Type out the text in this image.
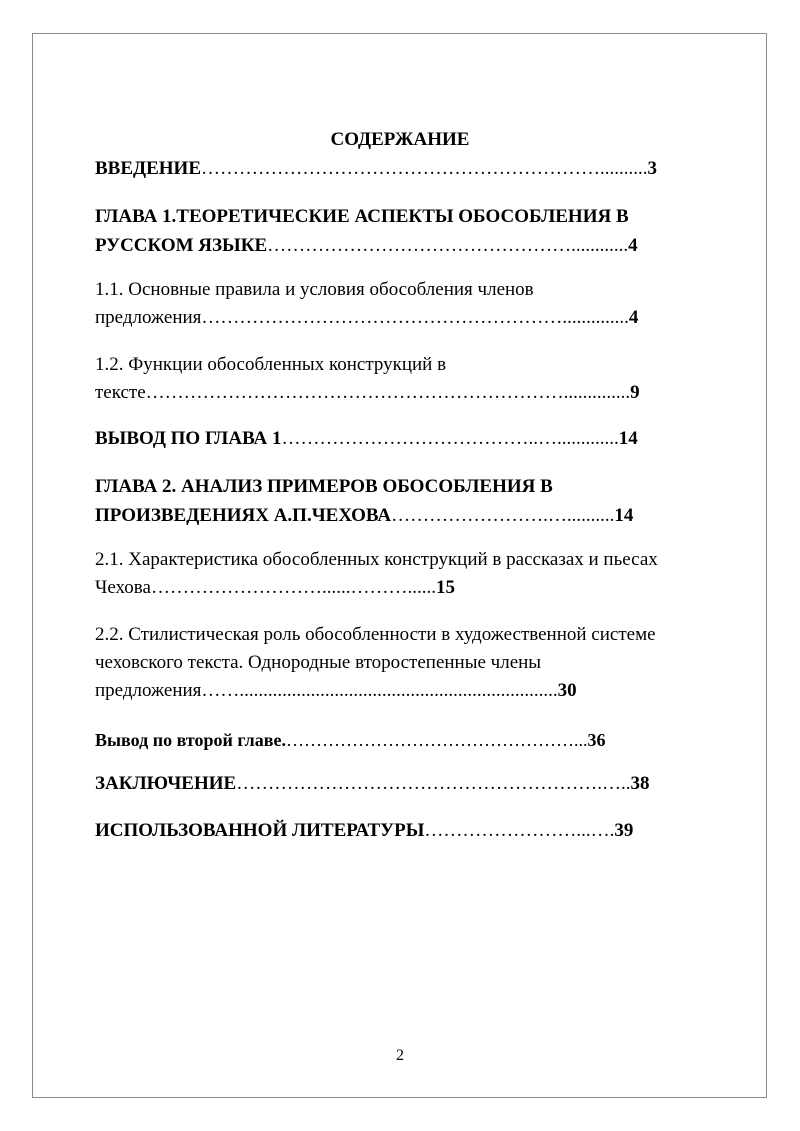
СОДЕРЖАНИЕ
ВВЕДЕНИЕ………………………………………………………..........3
ГЛАВА 1.ТЕОРЕТИЧЕСКИЕ АСПЕКТЫ ОБОСОБЛЕНИЯ В РУССКОМ ЯЗЫКЕ…………………………………………............4
1.1. Основные правила и условия обособления членов предложения…………………………………………………..............4
1.2. Функции обособленных конструкций в тексте…………………………………………………………..............9
ВЫВОД ПО ГЛАВА 1…………………………………..….............14
ГЛАВА 2. АНАЛИЗ ПРИМЕРОВ ОБОСОБЛЕНИЯ В ПРОИЗВЕДЕНИЯХ А.П.ЧЕХОВА…………………….…..........14
2.1. Характеристика обособленных конструкций в рассказах и пьесах Чехова………………………......………......15
2.2. Стилистическая роль обособленности в художественной системе чеховского текста. Однородные второстепенные члены предложения……...................................................................30
Вывод по второй главе.…………………………………………...36
ЗАКЛЮЧЕНИЕ………………………………………………….…..38
ИСПОЛЬЗОВАННОЙ ЛИТЕРАТУРЫ……………………...….39
2
